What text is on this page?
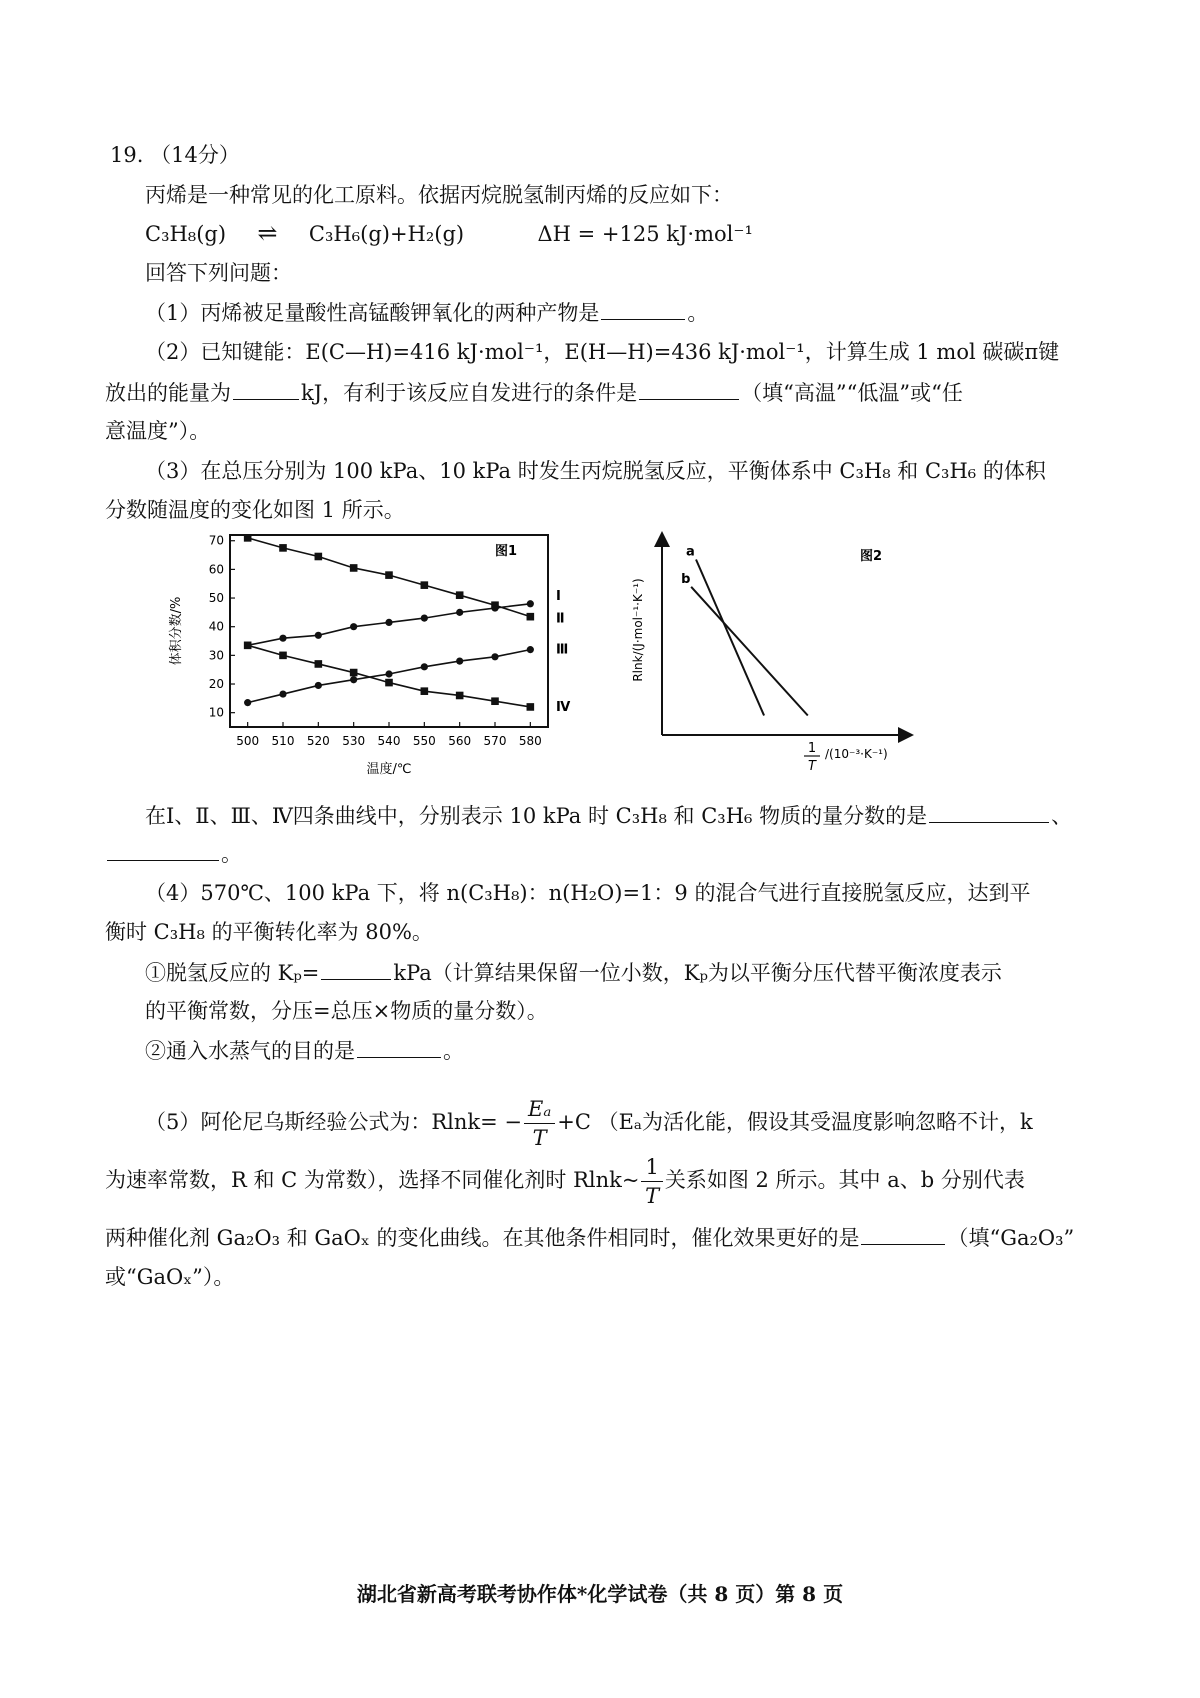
19. （14分）
丙烯是一种常见的化工原料。依据丙烷脱氢制丙烯的反应如下：
C₃H₈(g) ⇌ C₃H₆(g)+H₂(g)	ΔH = +125 kJ·mol⁻¹
回答下列问题：
（1）丙烯被足量酸性高锰酸钾氧化的两种产物是	。
（2）已知键能：E(C—H)=416 kJ·mol⁻¹，E(H—H)=436 kJ·mol⁻¹，计算生成 1 mol 碳碳π键
放出的能量为	kJ，有利于该反应自发进行的条件是	（填“高温”“低温”或“任
意温度”）。
（3）在总压分别为 100 kPa、10 kPa 时发生丙烷脱氢反应，平衡体系中 C₃H₈ 和 C₃H₆ 的体积
分数随温度的变化如图 1 所示。
Ⅰ
Ⅱ
Ⅲ
Ⅳ
500 510 520 530 540 550 560 570 580
10
20
30
40
50
60
70
图1
温度/℃
体积分数/%
a
b
图2
Rlnk/(J·mol⁻¹·K⁻¹)
1
T
/(10⁻³·K⁻¹)
在Ⅰ、Ⅱ、Ⅲ、Ⅳ四条曲线中，分别表示 10 kPa 时 C₃H₈ 和 C₃H₆ 物质的量分数的是	、
。
（4）570℃、100 kPa 下，将 n(C₃H₈)：n(H₂O)=1：9 的混合气进行直接脱氢反应，达到平
衡时 C₃H₈ 的平衡转化率为 80%。
①脱氢反应的 Kₚ=	kPa（计算结果保留一位小数，Kₚ为以平衡分压代替平衡浓度表示
的平衡常数，分压=总压×物质的量分数）。
②通入水蒸气的目的是	。
（5）阿伦尼乌斯经验公式为：$Rlnk= - \frac{\text{Eₐ}}{T} +C$ （Eₐ为活化能，假设其受温度影响忽略不计，k
为速率常数，R 和 C 为常数），选择不同催化剂时 Rlnk~ $\frac{1}{T}$ 关系如图 2 所示。其中 a、b 分别代表
两种催化剂 Ga₂O₃ 和 GaOₓ 的变化曲线。在其他条件相同时，催化效果更好的是	（填“Ga₂O₃”
或“GaOₓ”）。
湖北省新高考联考协作体*化学试卷（共 8 页）第 8 页
